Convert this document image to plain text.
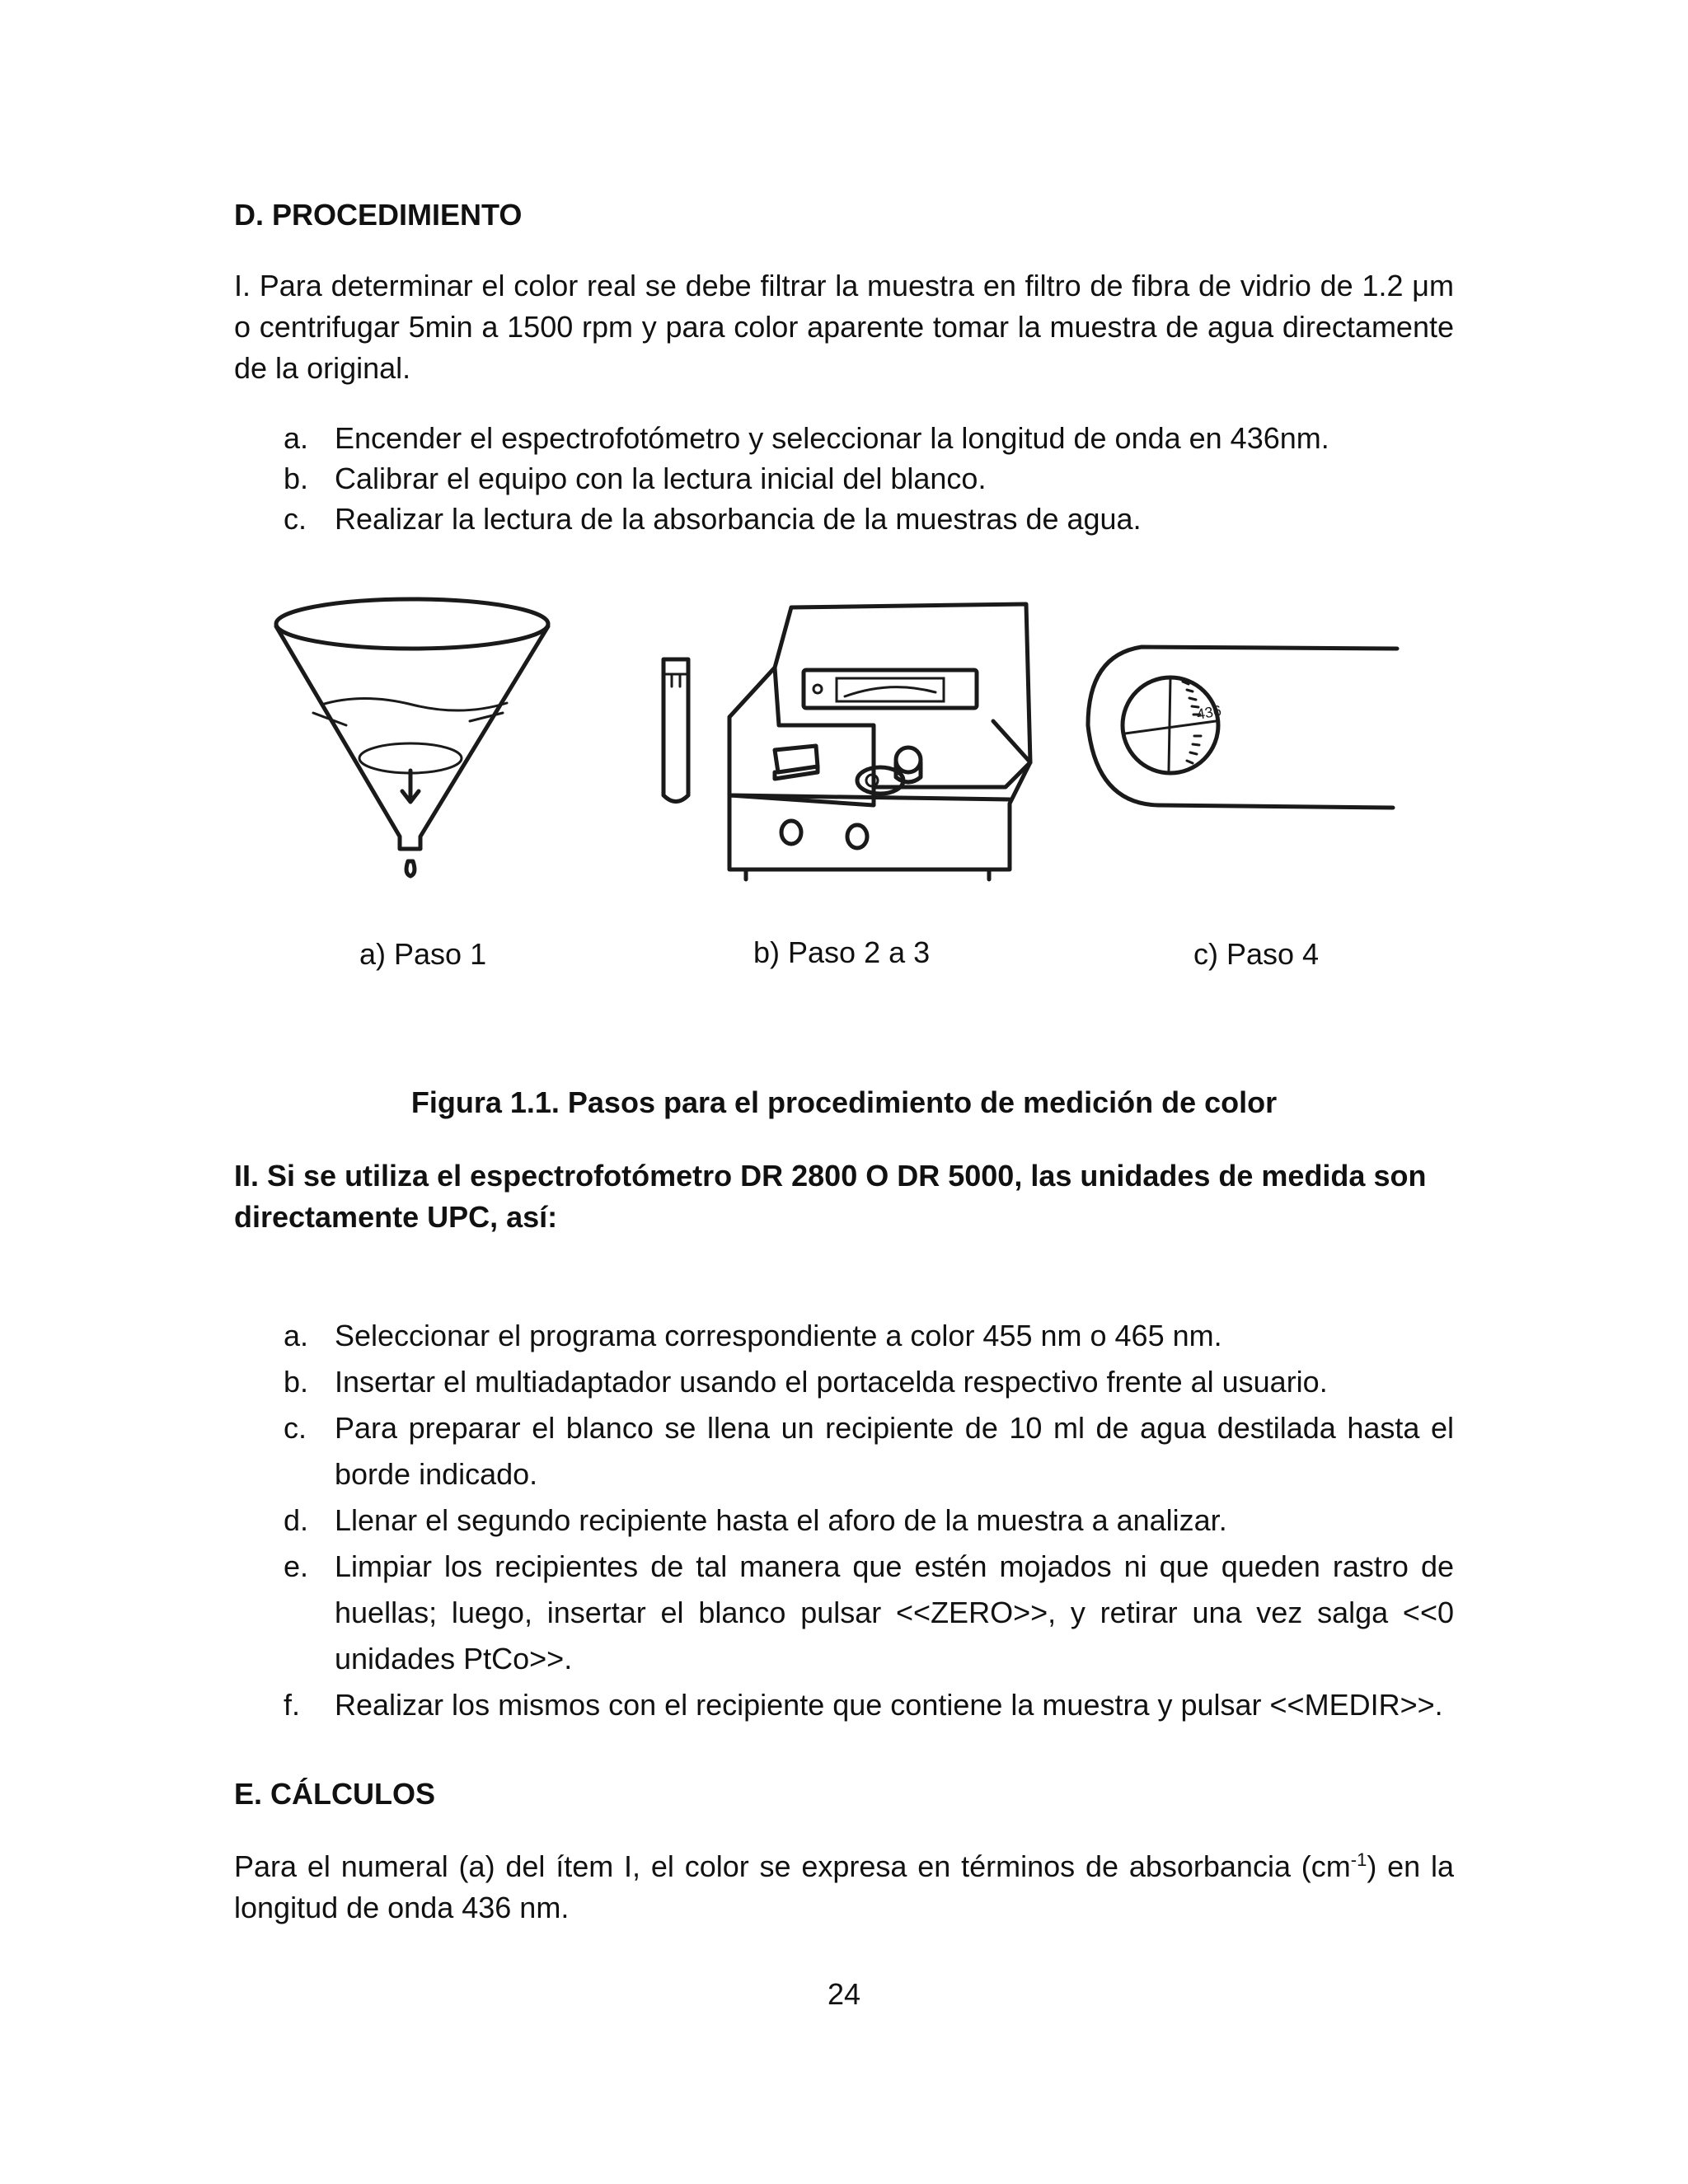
D. PROCEDIMIENTO
I. Para determinar el color real se debe filtrar la muestra en filtro de fibra de vidrio de 1.2 μm o centrifugar 5min a 1500 rpm y para color aparente tomar la muestra de agua directamente de la original.
a. Encender el espectrofotómetro y seleccionar la longitud de onda en 436nm.
b. Calibrar el equipo con la lectura inicial del blanco.
c. Realizar la lectura de la absorbancia de la muestras de agua.
436
a) Paso 1	b) Paso 2 a 3	c) Paso 4
Figura 1.1. Pasos para el procedimiento de medición de color
II. Si se utiliza el espectrofotómetro DR 2800 O DR 5000, las unidades de medida son directamente UPC, así:
a. Seleccionar el programa correspondiente a color 455 nm o 465 nm.
b. Insertar el multiadaptador usando el portacelda respectivo frente al usuario.
c. Para preparar el blanco se llena un recipiente de 10 ml de agua destilada hasta el borde indicado.
d. Llenar el segundo recipiente hasta el aforo de la muestra a analizar.
e. Limpiar los recipientes de tal manera que estén mojados ni que queden rastro de huellas; luego, insertar el blanco pulsar <<ZERO>>, y retirar una vez salga <<0 unidades PtCo>>.
f.	Realizar los mismos con el recipiente que contiene la muestra y pulsar <<MEDIR>>.
E. CÁLCULOS
Para el numeral (a) del ítem I, el color se expresa en términos de absorbancia $(cm^{-1})$ en la longitud de onda 436 nm.
24
